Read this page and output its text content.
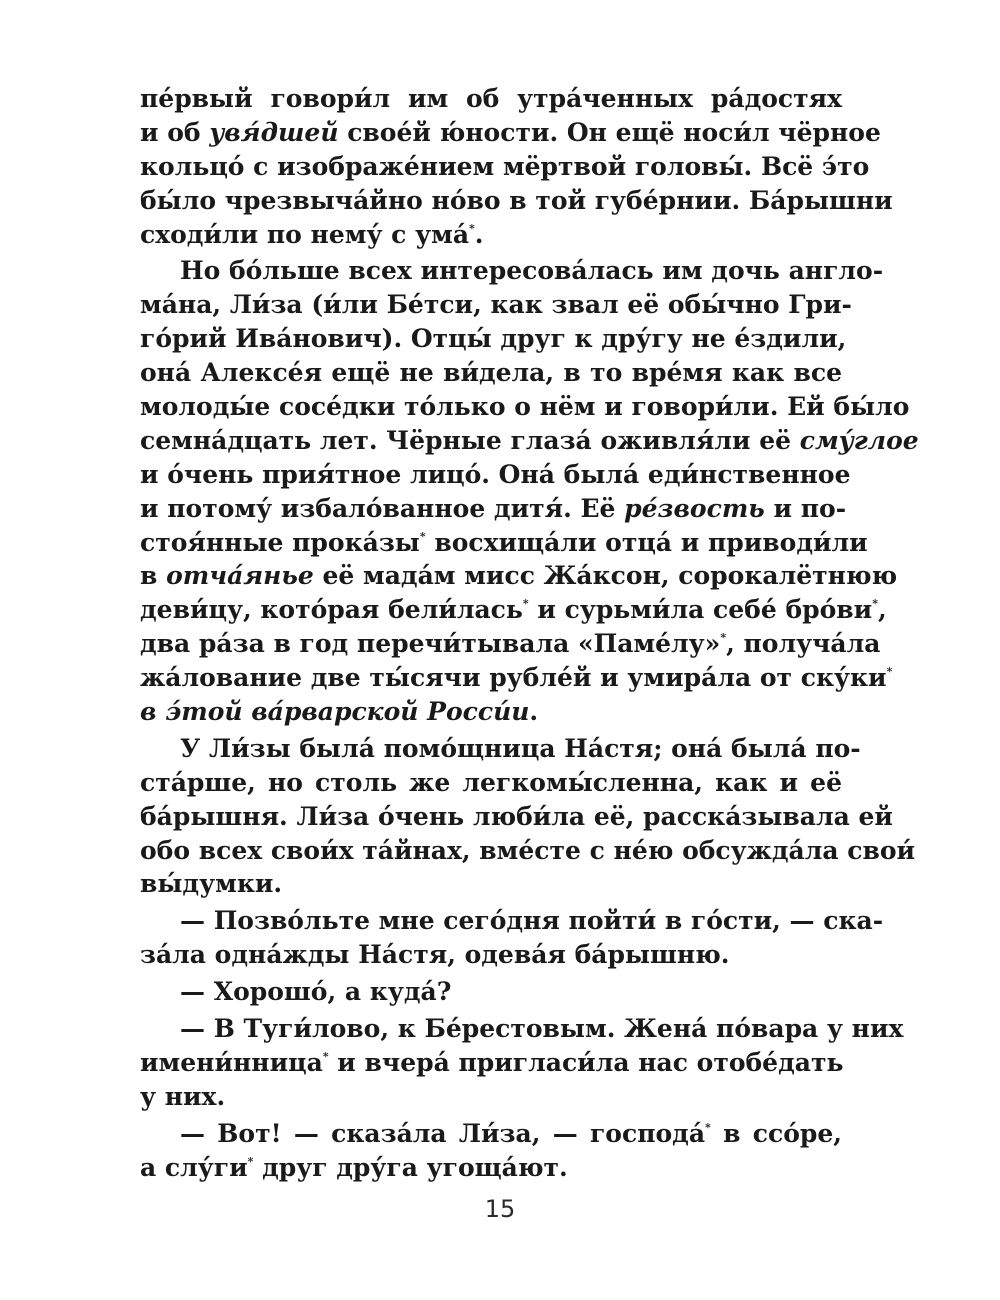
пе́рвый говори́л им об утра́ченных ра́достях
и об увя́дшей свое́й ю́ности. Он ещё носи́л чёрное
кольцо́ с изображе́нием мёртвой головы́. Всё э́то
бы́ло чрезвыча́йно но́во в той губе́рнии. Ба́рышни
сходи́ли по нему́ с ума́*.
Но бо́льше всех интересова́лась им дочь англо-
ма́на, Ли́за (и́ли Бе́тси, как звал её обы́чно Гри-
го́рий Ива́нович). Отцы́ друг к дру́гу не е́здили,
она́ Алексе́я ещё не ви́дела, в то вре́мя как все
молоды́е сосе́дки то́лько о нём и говори́ли. Ей бы́ло
семна́дцать лет. Чёрные глаза́ оживля́ли её сму́глое
и о́чень прия́тное лицо́. Она́ была́ еди́нственное
и потому́ избало́ванное дитя́. Её ре́звость и по-
стоя́нные прока́зы* восхища́ли отца́ и приводи́ли
в отча́янье её мада́м мисс Жа́ксон, сорокалётнюю
деви́цу, кото́рая бели́лась* и сурьми́ла себе́ бро́ви*,
два ра́за в год перечи́тывала «Паме́лу»*, получа́ла
жа́лование две ты́сячи рубле́й и умира́ла от ску́ки*
в э́той ва́рварской Росси́и.
У Ли́зы была́ помо́щница На́стя; она́ была́ по-
ста́рше, но столь же легкомы́сленна, как и её
ба́рышня. Ли́за о́чень люби́ла её, расска́зывала ей
обо всех свои́х та́йнах, вме́сте с не́ю обсужда́ла свои́
вы́думки.
— Позво́льте мне сего́дня пойти́ в го́сти, — ска-
за́ла одна́жды На́стя, одева́я ба́рышню.
— Хорошо́, а куда́?
— В Туги́лово, к Бе́рестовым. Жена́ по́вара у них
имени́нница* и вчера́ пригласи́ла нас отобе́дать
у них.
— Вот! — сказа́ла Ли́за, — господа́* в ссо́ре,
а слу́ги* друг дру́га угоща́ют.
15
